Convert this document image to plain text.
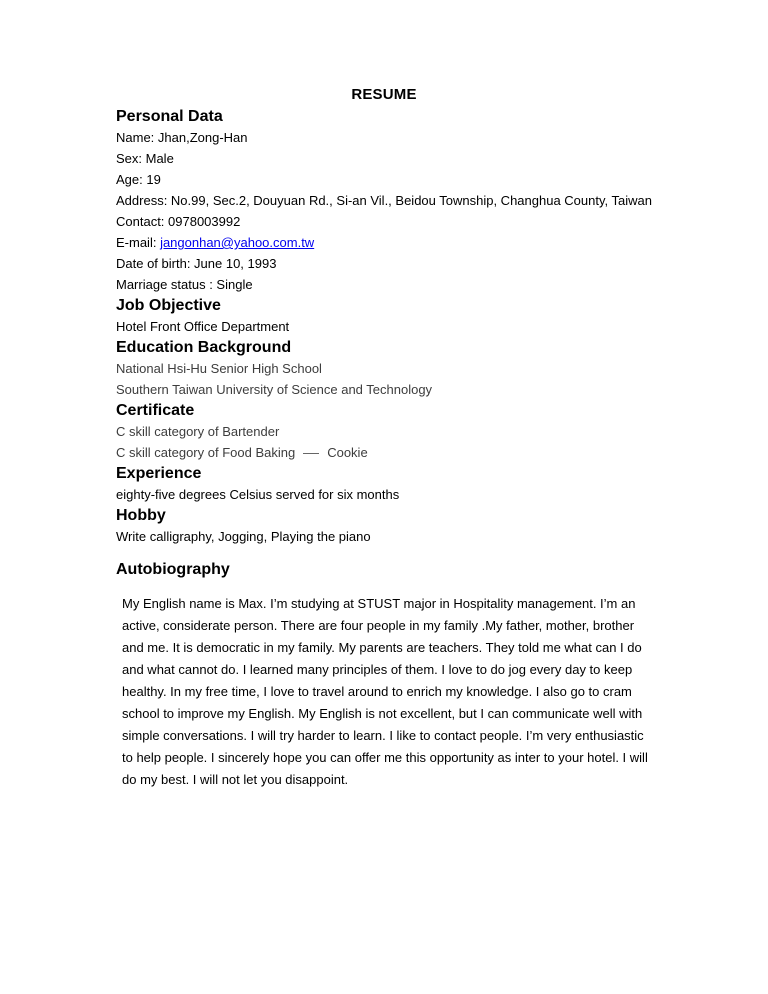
RESUME

Personal Data

Name: Jhan,Zong-Han

Sex: Male

Age: 19

Address: No.99, Sec.2, Douyuan Rd., Si-an Vil., Beidou Township, Changhua County, Taiwan

Contact: 0978003992

E-mail: jangonhan@yahoo.com.tw

Date of birth: June 10, 1993

Marriage status : Single

Job Objective

Hotel Front Office Department

Education Background

National Hsi-Hu Senior High School

Southern Taiwan University of Science and Technology

Certificate

C skill category of Bartender

C skill category of Food Baking Cookie

Experience

eighty-five degrees Celsius served for six months

Hobby

Write calligraphy, Jogging, Playing the piano

Autobiography

My English name is Max. I’m studying at STUST major in Hospitality management. I’m an active, considerate person. There are four people in my family .My father, mother, brother and me. It is democratic in my family. My parents are teachers. They told me what can I do and what cannot do. I learned many principles of them. I love to do jog every day to keep healthy. In my free time, I love to travel around to enrich my knowledge. I also go to cram school to improve my English. My English is not excellent, but I can communicate well with simple conversations. I will try harder to learn. I like to contact people. I’m very enthusiastic to help people. I sincerely hope you can offer me this opportunity as inter to your hotel. I will do my best. I will not let you disappoint.
